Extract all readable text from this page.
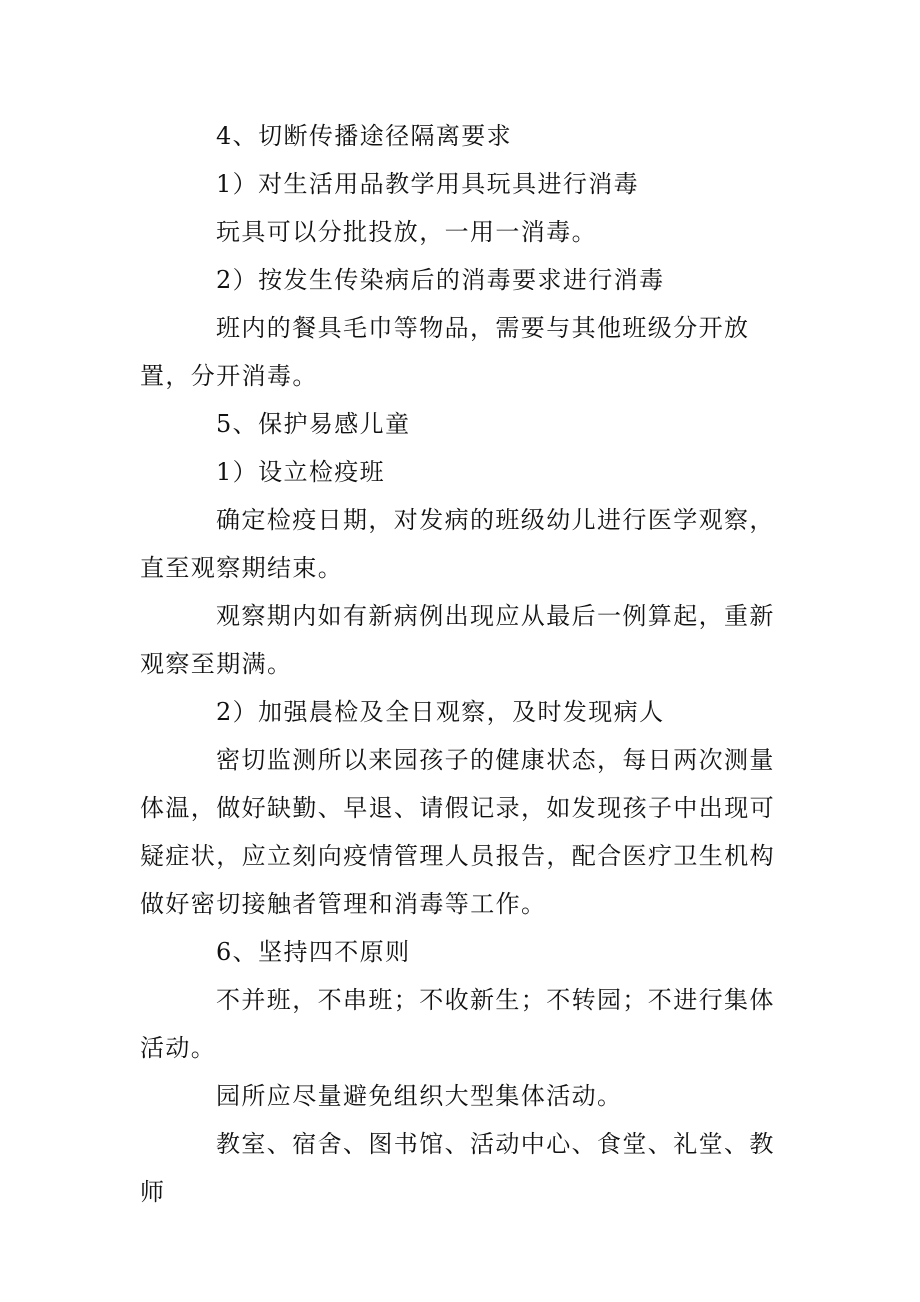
4、切断传播途径隔离要求

1）对生活用品教学用具玩具进行消毒

玩具可以分批投放，一用一消毒。

2）按发生传染病后的消毒要求进行消毒

班内的餐具毛巾等物品，需要与其他班级分开放置，分开消毒。

5、保护易感儿童

1）设立检疫班

确定检疫日期，对发病的班级幼儿进行医学观察，直至观察期结束。

观察期内如有新病例出现应从最后一例算起，重新观察至期满。

2）加强晨检及全日观察，及时发现病人

密切监测所以来园孩子的健康状态，每日两次测量体温，做好缺勤、早退、请假记录，如发现孩子中出现可疑症状，应立刻向疫情管理人员报告，配合医疗卫生机构做好密切接触者管理和消毒等工作。

6、坚持四不原则

不并班，不串班；不收新生；不转园；不进行集体活动。

园所应尽量避免组织大型集体活动。

教室、宿舍、图书馆、活动中心、食堂、礼堂、教师
